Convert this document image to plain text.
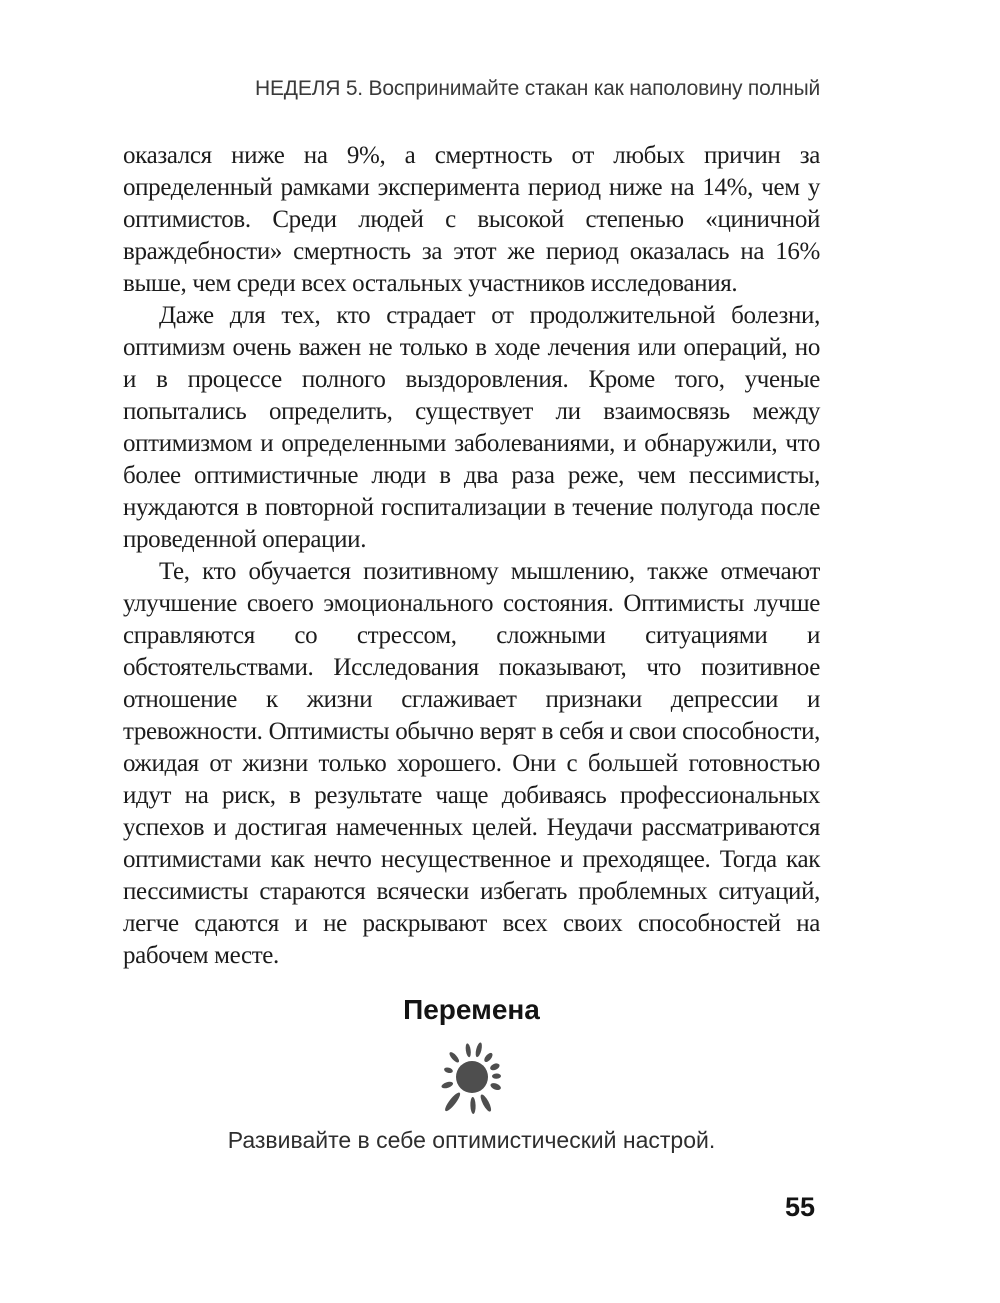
НЕДЕЛЯ 5. Воспринимайте стакан как наполовину полный

оказался ниже на 9%, а смертность от любых причин за определенный рамками эксперимента период ниже на 14%, чем у оптимистов. Среди людей с высокой степенью «циничной враждебности» смертность за этот же период оказалась на 16% выше, чем среди всех остальных участников исследования.

Даже для тех, кто страдает от продолжительной болезни, оптимизм очень важен не только в ходе лечения или операций, но и в процессе полного выздоровления. Кроме того, ученые попытались определить, существует ли взаимосвязь между оптимизмом и определенными заболеваниями, и обнаружили, что более оптимистичные люди в два раза реже, чем пессимисты, нуждаются в повторной госпитализации в течение полугода после проведенной операции.

Те, кто обучается позитивному мышлению, также отмечают улучшение своего эмоционального состояния. Оптимисты лучше справляются со стрессом, сложными ситуациями и обстоятельствами. Исследования показывают, что позитивное отношение к жизни сглаживает признаки депрессии и тревожности. Оптимисты обычно верят в себя и свои способности, ожидая от жизни только хорошего. Они с большей готовностью идут на риск, в результате чаще добиваясь профессиональных успехов и достигая намеченных целей. Неудачи рассматриваются оптимистами как нечто несущественное и преходящее. Тогда как пессимисты стараются всячески избегать проблемных ситуаций, легче сдаются и не раскрывают всех своих способностей на рабочем месте.

Перемена

Развивайте в себе оптимистический настрой.

55
